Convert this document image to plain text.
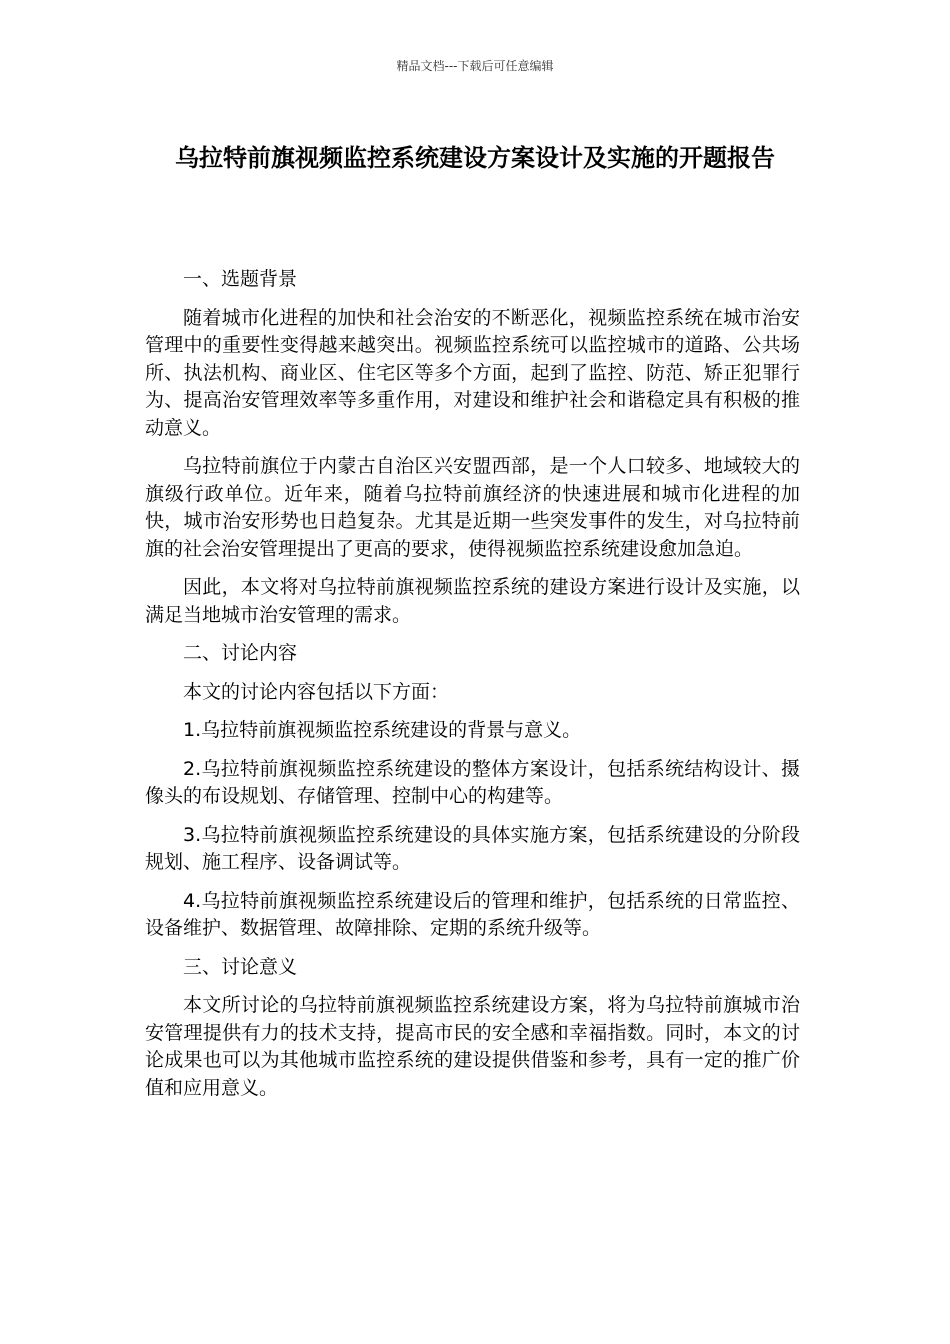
精品文档---下载后可任意编辑
乌拉特前旗视频监控系统建设方案设计及实施的开题报告

一、选题背景

随着城市化进程的加快和社会治安的不断恶化，视频监控系统在城市治安管理中的重要性变得越来越突出。视频监控系统可以监控城市的道路、公共场所、执法机构、商业区、住宅区等多个方面，起到了监控、防范、矫正犯罪行为、提高治安管理效率等多重作用，对建设和维护社会和谐稳定具有积极的推动意义。

乌拉特前旗位于内蒙古自治区兴安盟西部，是一个人口较多、地域较大的旗级行政单位。近年来，随着乌拉特前旗经济的快速进展和城市化进程的加快，城市治安形势也日趋复杂。尤其是近期一些突发事件的发生，对乌拉特前旗的社会治安管理提出了更高的要求，使得视频监控系统建设愈加急迫。

因此，本文将对乌拉特前旗视频监控系统的建设方案进行设计及实施，以满足当地城市治安管理的需求。

二、讨论内容

本文的讨论内容包括以下方面：

1.乌拉特前旗视频监控系统建设的背景与意义。

2.乌拉特前旗视频监控系统建设的整体方案设计，包括系统结构设计、摄像头的布设规划、存储管理、控制中心的构建等。

3.乌拉特前旗视频监控系统建设的具体实施方案，包括系统建设的分阶段规划、施工程序、设备调试等。

4.乌拉特前旗视频监控系统建设后的管理和维护，包括系统的日常监控、设备维护、数据管理、故障排除、定期的系统升级等。

三、讨论意义

本文所讨论的乌拉特前旗视频监控系统建设方案，将为乌拉特前旗城市治安管理提供有力的技术支持，提高市民的安全感和幸福指数。同时，本文的讨论成果也可以为其他城市监控系统的建设提供借鉴和参考，具有一定的推广价值和应用意义。
